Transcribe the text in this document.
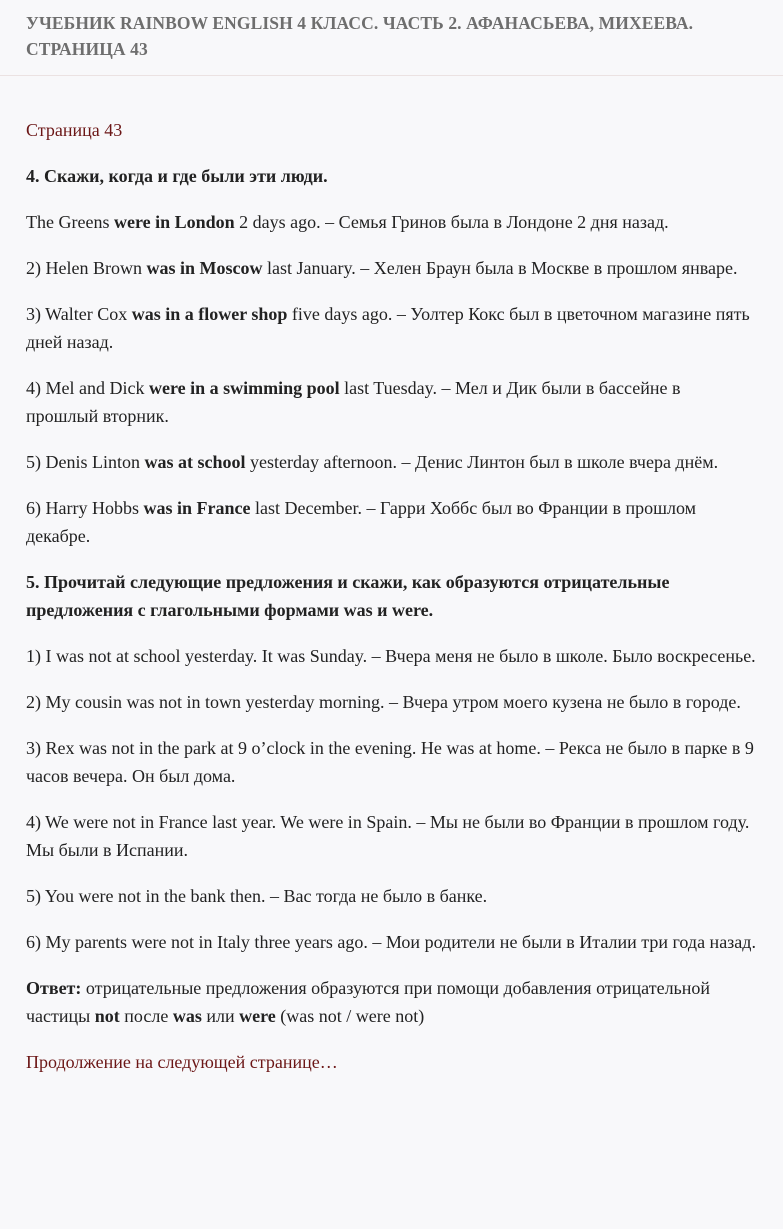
УЧЕБНИК RAINBOW ENGLISH 4 КЛАСС. ЧАСТЬ 2. АФАНАСЬЕВА, МИХЕЕВА. СТРАНИЦА 43

Страница 43

4. Скажи, когда и где были эти люди.

The Greens were in London 2 days ago. – Семья Гринов была в Лондоне 2 дня назад.

2) Helen Brown was in Moscow last January. – Хелен Браун была в Москве в прошлом январе.

3) Walter Cox was in a flower shop five days ago. – Уолтер Кокс был в цветочном магазине пять дней назад.

4) Mel and Dick were in a swimming pool last Tuesday. – Мел и Дик были в бассейне в прошлый вторник.

5) Denis Linton was at school yesterday afternoon. – Денис Линтон был в школе вчера днём.

6) Harry Hobbs was in France last December. – Гарри Хоббс был во Франции в прошлом декабре.

5. Прочитай следующие предложения и скажи, как образуются отрицательные предложения с глагольными формами was и were.

1) I was not at school yesterday. It was Sunday. – Вчера меня не было в школе. Было воскресенье.

2) My cousin was not in town yesterday morning. – Вчера утром моего кузена не было в городе.

3) Rex was not in the park at 9 o’clock in the evening. He was at home. – Рекса не было в парке в 9 часов вечера. Он был дома.

4) We were not in France last year. We were in Spain. – Мы не были во Франции в прошлом году. Мы были в Испании.

5) You were not in the bank then. – Вас тогда не было в банке.

6) My parents were not in Italy three years ago. – Мои родители не были в Италии три года назад.

Ответ: отрицательные предложения образуются при помощи добавления отрицательной частицы not после was или were (was not / were not)

Продолжение на следующей странице…
